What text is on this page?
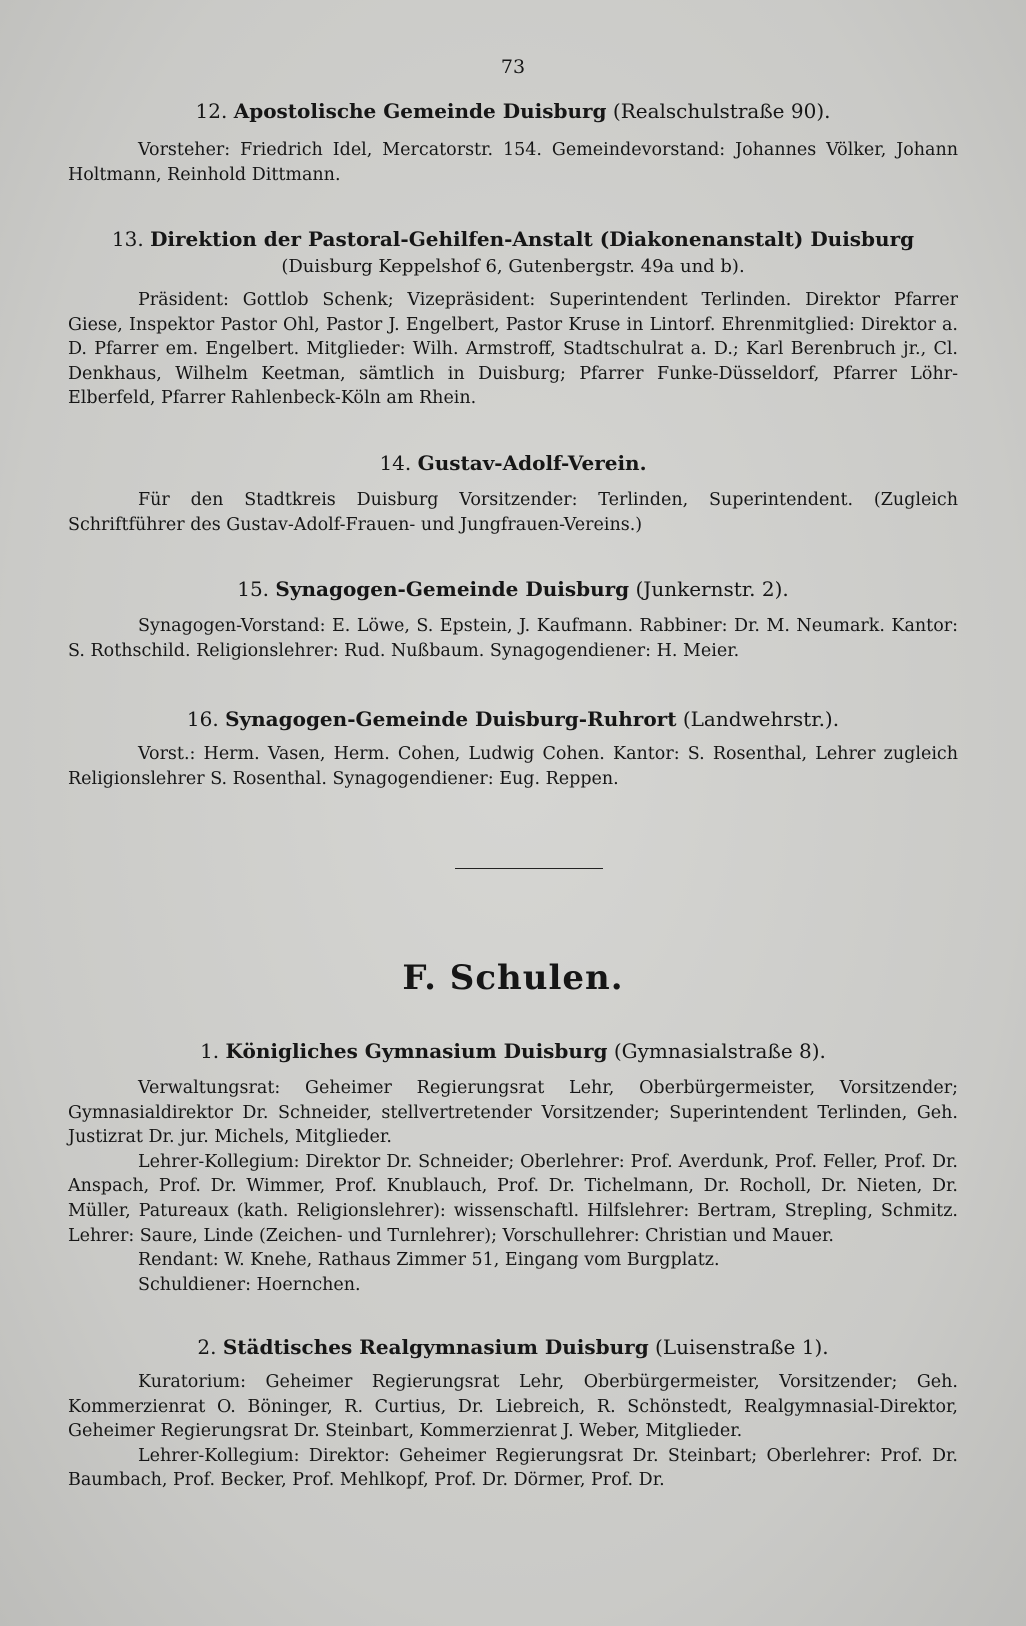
73
12. Apostolische Gemeinde Duisburg (Realschulstraße 90).

Vorsteher: Friedrich Idel, Mercatorstr. 154. Gemeindevorstand: Johannes Völker, Johann Holtmann, Reinhold Dittmann.

13. Direktion der Pastoral-Gehilfen-Anstalt (Diakonenanstalt) Duisburg
(Duisburg Keppelshof 6, Gutenbergstr. 49a und b).

Präsident: Gottlob Schenk; Vizepräsident: Superintendent Terlinden. Direktor Pfarrer Giese, Inspektor Pastor Ohl, Pastor J. Engelbert, Pastor Kruse in Lintorf. Ehrenmitglied: Direktor a. D. Pfarrer em. Engelbert. Mitglieder: Wilh. Armstroff, Stadtschulrat a. D.; Karl Berenbruch jr., Cl. Denkhaus, Wilhelm Keetman, sämtlich in Duisburg; Pfarrer Funke-Düsseldorf, Pfarrer Löhr-Elberfeld, Pfarrer Rahlenbeck-Köln am Rhein.

14. Gustav-Adolf-Verein.

Für den Stadtkreis Duisburg Vorsitzender: Terlinden, Superintendent. (Zugleich Schriftführer des Gustav-Adolf-Frauen- und Jungfrauen-Vereins.)

15. Synagogen-Gemeinde Duisburg (Junkernstr. 2).

Synagogen-Vorstand: E. Löwe, S. Epstein, J. Kaufmann. Rabbiner: Dr. M. Neumark. Kantor: S. Rothschild. Religionslehrer: Rud. Nußbaum. Synagogendiener: H. Meier.

16. Synagogen-Gemeinde Duisburg-Ruhrort (Landwehrstr.).

Vorst.: Herm. Vasen, Herm. Cohen, Ludwig Cohen. Kantor: S. Rosenthal, Lehrer zugleich Religionslehrer S. Rosenthal. Synagogendiener: Eug. Reppen.

F. Schulen.
1. Königliches Gymnasium Duisburg (Gymnasialstraße 8).

Verwaltungsrat: Geheimer Regierungsrat Lehr, Oberbürgermeister, Vorsitzender; Gymnasialdirektor Dr. Schneider, stellvertretender Vorsitzender; Superintendent Terlinden, Geh. Justizrat Dr. jur. Michels, Mitglieder.

Lehrer-Kollegium: Direktor Dr. Schneider; Oberlehrer: Prof. Averdunk, Prof. Feller, Prof. Dr. Anspach, Prof. Dr. Wimmer, Prof. Knublauch, Prof. Dr. Tichelmann, Dr. Rocholl, Dr. Nieten, Dr. Müller, Patureaux (kath. Religionslehrer): wissenschaftl. Hilfslehrer: Bertram, Strepling, Schmitz. Lehrer: Saure, Linde (Zeichen- und Turnlehrer); Vorschullehrer: Christian und Mauer.

Rendant: W. Knehe, Rathaus Zimmer 51, Eingang vom Burgplatz.

Schuldiener: Hoernchen.

2. Städtisches Realgymnasium Duisburg (Luisenstraße 1).

Kuratorium: Geheimer Regierungsrat Lehr, Oberbürgermeister, Vorsitzender; Geh. Kommerzienrat O. Böninger, R. Curtius, Dr. Liebreich, R. Schönstedt, Realgymnasial-Direktor, Geheimer Regierungsrat Dr. Steinbart, Kommerzienrat J. Weber, Mitglieder.

Lehrer-Kollegium: Direktor: Geheimer Regierungsrat Dr. Steinbart; Oberlehrer: Prof. Dr. Baumbach, Prof. Becker, Prof. Mehlkopf, Prof. Dr. Dörmer, Prof. Dr.
